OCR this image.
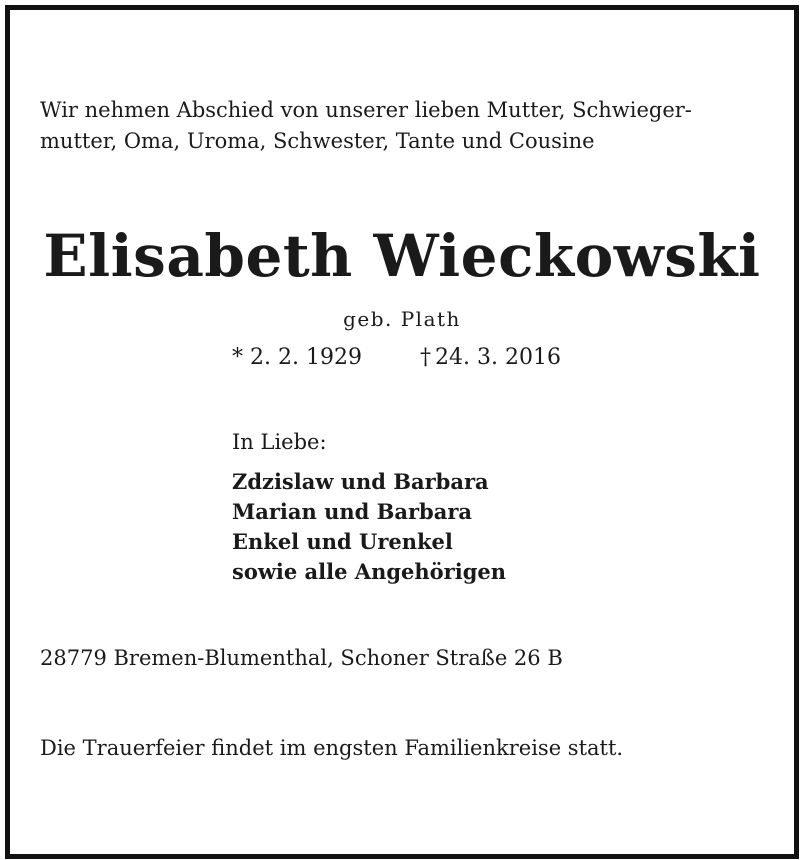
Wir nehmen Abschied von unserer lieben Mutter, Schwieger-
mutter, Oma, Uroma, Schwester, Tante und Cousine
Elisabeth Wieckowski
geb. Plath
* 2. 2. 1929	† 24. 3. 2016
In Liebe:
Zdzislaw und Barbara
Marian und Barbara
Enkel und Urenkel
sowie alle Angehörigen
28779 Bremen-Blumenthal, Schoner Straße 26 B
Die Trauerfeier findet im engsten Familienkreise statt.
